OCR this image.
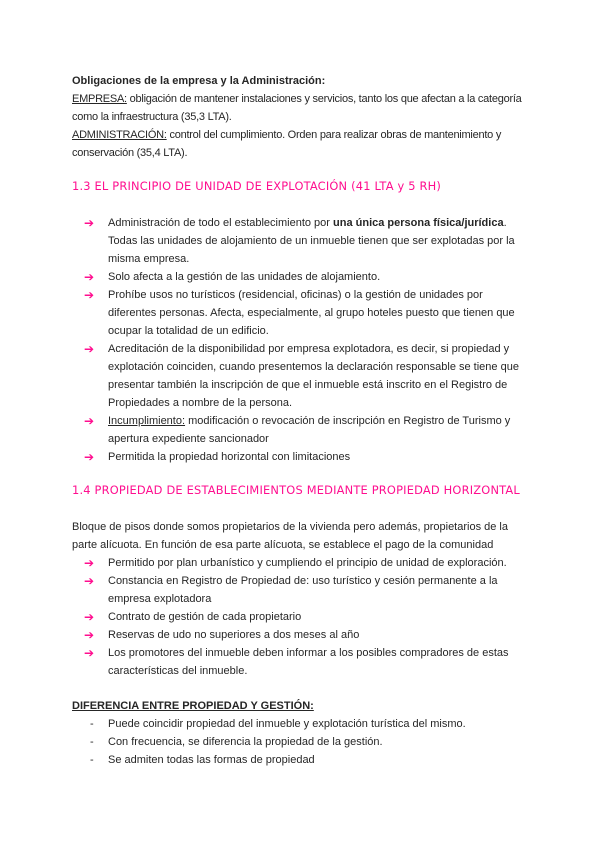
Obligaciones de la empresa y la Administración:

EMPRESA: obligación de mantener instalaciones y servicios, tanto los que afectan a la categoría como la infraestructura (35,3 LTA).

ADMINISTRACIÓN: control del cumplimiento. Orden para realizar obras de mantenimiento y conservación (35,4 LTA).

1.3 EL PRINCIPIO DE UNIDAD DE EXPLOTACIÓN (41 LTA y 5 RH)
➔ Administración de todo el establecimiento por una única persona física/jurídica. Todas las unidades de alojamiento de un inmueble tienen que ser explotadas por la misma empresa.
➔ Solo afecta a la gestión de las unidades de alojamiento.
➔ Prohíbe usos no turísticos (residencial, oficinas) o la gestión de unidades por diferentes personas. Afecta, especialmente, al grupo hoteles puesto que tienen que ocupar la totalidad de un edificio.
➔ Acreditación de la disponibilidad por empresa explotadora, es decir, si propiedad y explotación coinciden, cuando presentemos la declaración responsable se tiene que presentar también la inscripción de que el inmueble está inscrito en el Registro de Propiedades a nombre de la persona.
➔ Incumplimiento: modificación o revocación de inscripción en Registro de Turismo y apertura expediente sancionador
➔ Permitida la propiedad horizontal con limitaciones
1.4 PROPIEDAD DE ESTABLECIMIENTOS MEDIANTE PROPIEDAD HORIZONTAL

Bloque de pisos donde somos propietarios de la vivienda pero además, propietarios de la parte alícuota. En función de esa parte alícuota, se establece el pago de la comunidad

➔ Permitido por plan urbanístico y cumpliendo el principio de unidad de exploración.
➔ Constancia en Registro de Propiedad de: uso turístico y cesión permanente a la empresa explotadora
➔ Contrato de gestión de cada propietario
➔ Reservas de udo no superiores a dos meses al año
➔ Los promotores del inmueble deben informar a los posibles compradores de estas características del inmueble.

DIFERENCIA ENTRE PROPIEDAD Y GESTIÓN:

- Puede coincidir propiedad del inmueble y explotación turística del mismo.
- Con frecuencia, se diferencia la propiedad de la gestión.
- Se admiten todas las formas de propiedad
